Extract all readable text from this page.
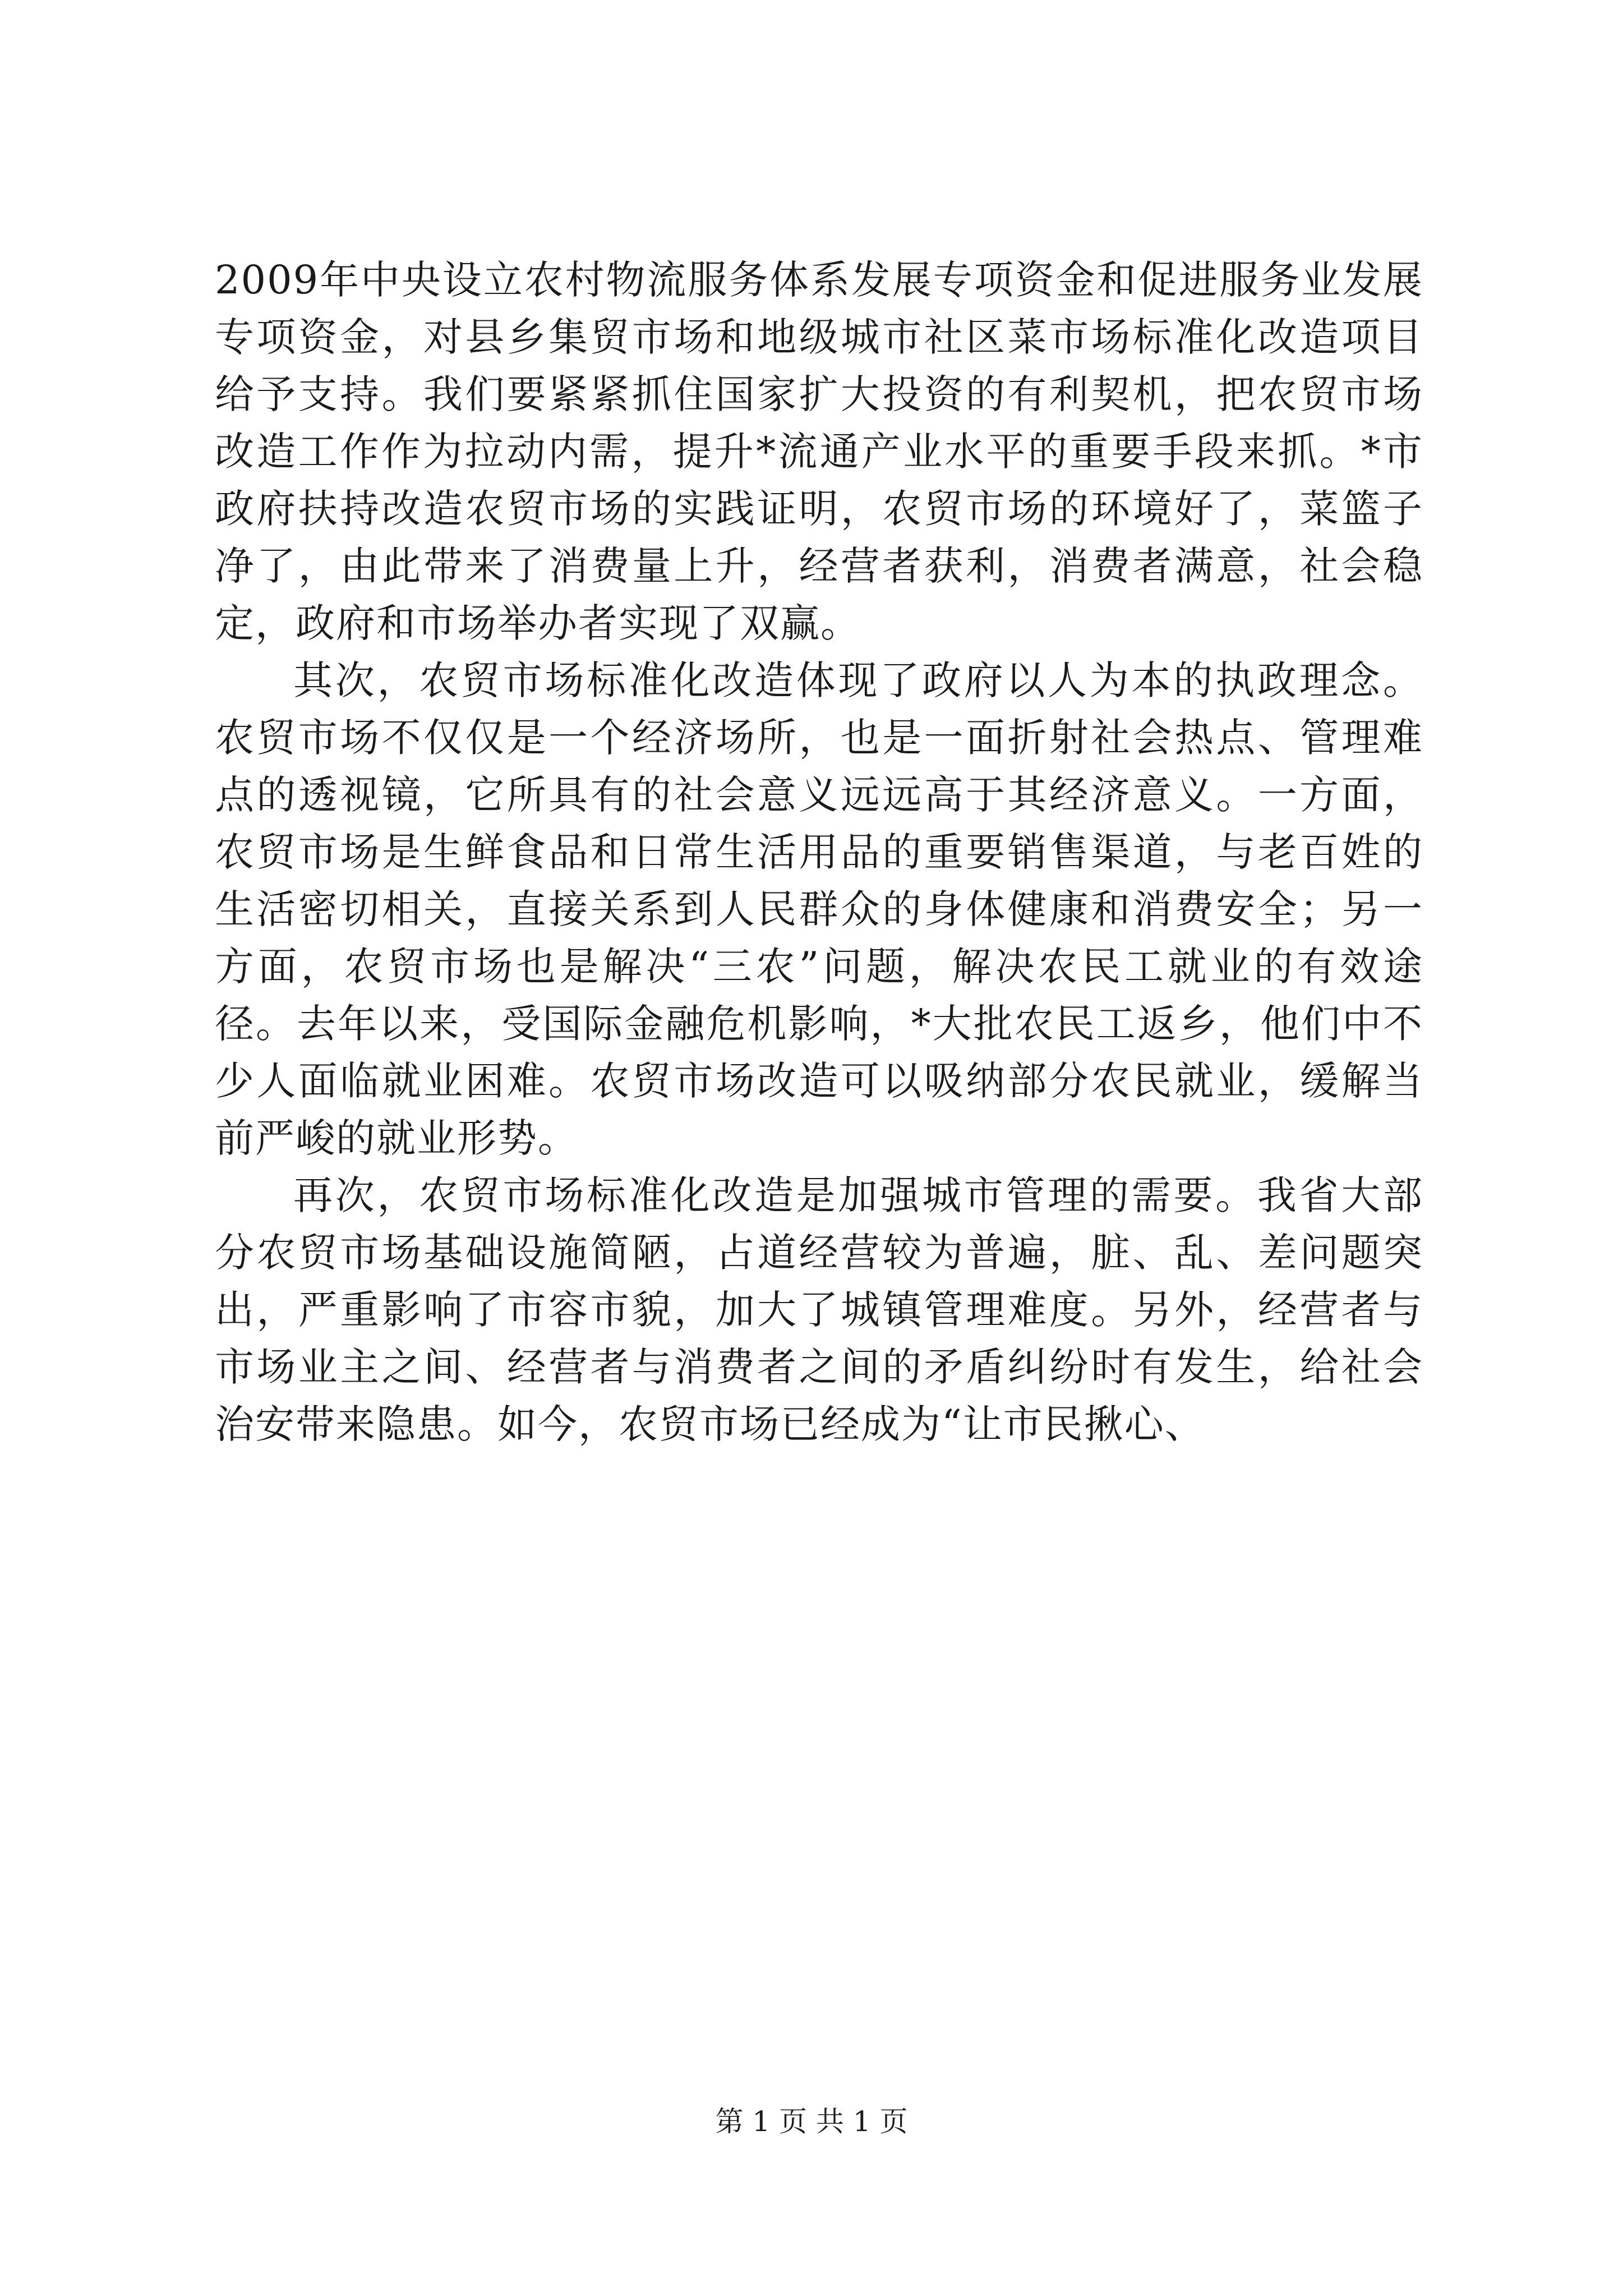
2009年中央设立农村物流服务体系发展专项资金和促进服务业发展专项资金，对县乡集贸市场和地级城市社区菜市场标准化改造项目给予支持。我们要紧紧抓住国家扩大投资的有利契机，把农贸市场改造工作作为拉动内需，提升*流通产业水平的重要手段来抓。*市政府扶持改造农贸市场的实践证明，农贸市场的环境好了，菜篮子净了，由此带来了消费量上升，经营者获利，消费者满意，社会稳定，政府和市场举办者实现了双赢。

其次，农贸市场标准化改造体现了政府以人为本的执政理念。农贸市场不仅仅是一个经济场所，也是一面折射社会热点、管理难点的透视镜，它所具有的社会意义远远高于其经济意义。一方面，农贸市场是生鲜食品和日常生活用品的重要销售渠道，与老百姓的生活密切相关，直接关系到人民群众的身体健康和消费安全；另一方面，农贸市场也是解决“三农”问题，解决农民工就业的有效途径。去年以来，受国际金融危机影响，*大批农民工返乡，他们中不少人面临就业困难。农贸市场改造可以吸纳部分农民就业，缓解当前严峻的就业形势。

再次，农贸市场标准化改造是加强城市管理的需要。我省大部分农贸市场基础设施简陋，占道经营较为普遍，脏、乱、差问题突出，严重影响了市容市貌，加大了城镇管理难度。另外，经营者与市场业主之间、经营者与消费者之间的矛盾纠纷时有发生，给社会治安带来隐患。如今，农贸市场已经成为“让市民揪心、

第 1 页 共 1 页
